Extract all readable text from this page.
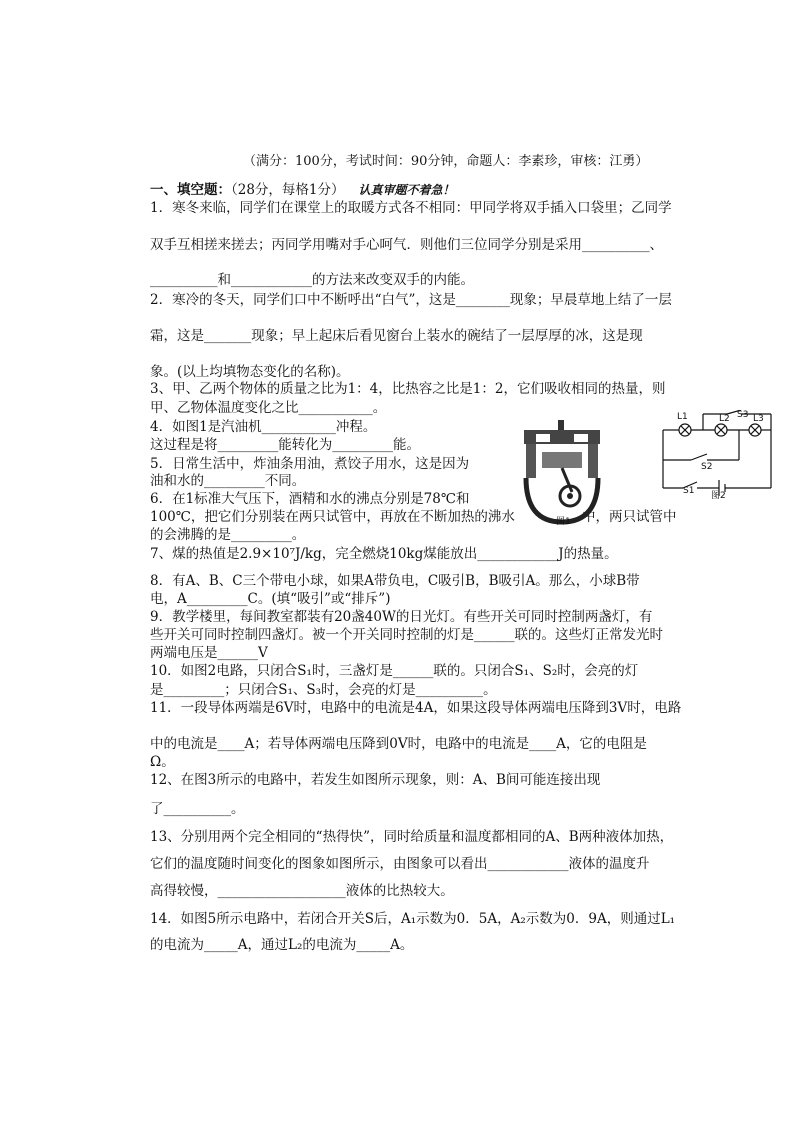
（满分：100分，考试时间：90分钟，命题人：李素珍，审核：江勇）
一、填空题：（28分，每格1分） 认真审题不着急！
1．寒冬来临，同学们在课堂上的取暖方式各不相同：甲同学将双手插入口袋里；乙同学
双手互相搓来搓去；丙同学用嘴对手心呵气．则他们三位同学分别是采用__________、
__________和____________的方法来改变双手的内能。
2．寒冷的冬天，同学们口中不断呼出“白气”，这是________现象；早晨草地上结了一层
霜，这是_______现象；早上起床后看见窗台上装水的碗结了一层厚厚的冰，这是现
象。(以上均填物态变化的名称)。
3、甲、乙两个物体的质量之比为1：4，比热容之比是1：2，它们吸收相同的热量，则
甲、乙物体温度变化之比___________。
4．如图1是汽油机___________冲程。
这过程是将_________能转化为_________能。
5．日常生活中，炸油条用油，煮饺子用水，这是因为
油和水的_________不同。
6．在1标准大气压下，酒精和水的沸点分别是78℃和
100℃，把它们分别装在两只试管中，再放在不断加热的沸水	中，两只试管中
的会沸腾的是_________。
7、煤的热值是2.9×10⁷J/kg，完全燃烧10kg煤能放出____________J的热量。
8．有A、B、C三个带电小球，如果A带负电，C吸引B，B吸引A。那么，小球B带
电，A_________C。(填“吸引”或“排斥”)
9．教学楼里，每间教室都装有20盏40W的日光灯。有些开关可同时控制两盏灯，有
些开关可同时控制四盏灯。被一个开关同时控制的灯是______联的。这些灯正常发光时
两端电压是______V
10．如图2电路，只闭合S₁时，三盏灯是______联的。只闭合S₁、S₂时，会亮的灯
是_________；只闭合S₁、S₃时，会亮的灯是__________。
11．一段导体两端是6V时，电路中的电流是4A，如果这段导体两端电压降到3V时，电路
中的电流是____A；若导体两端电压降到0V时，电路中的电流是____A，它的电阻是
Ω。
12、在图3所示的电路中，若发生如图所示现象，则：A、B间可能连接出现
了__________。
13、分别用两个完全相同的“热得快”，同时给质量和温度都相同的A、B两种液体加热，
它们的温度随时间变化的图象如图所示，由图象可以看出____________液体的温度升
高得较慢，___________________液体的比热较大。
14．如图5所示电路中，若闭合开关S后，A₁示数为0．5A，A₂示数为0．9A，则通过L₁
的电流为_____A，通过L₂的电流为_____A。
图1
L1	L2	L3
S3
S2
S1 图2
